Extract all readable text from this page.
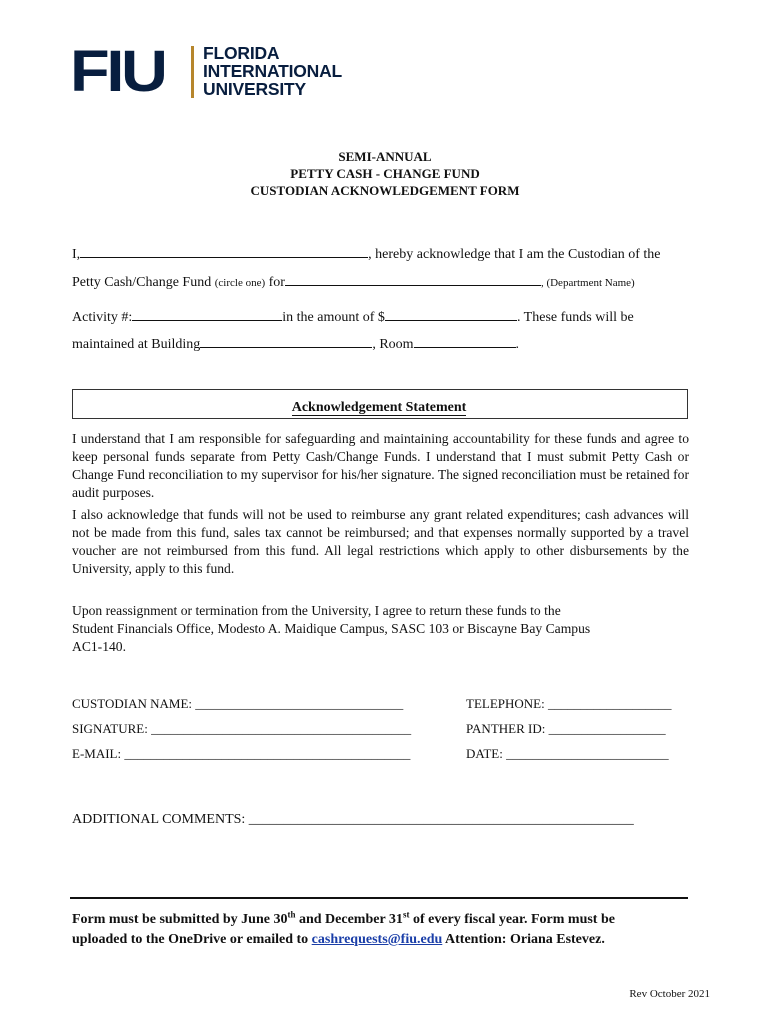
FIU FLORIDA
INTERNATIONAL
UNIVERSITY
SEMI-ANNUAL
PETTY CASH - CHANGE FUND
CUSTODIAN ACKNOWLEDGEMENT FORM
I,	, hereby acknowledge that I am the Custodian of the
Petty Cash/Change Fund (circle one) for	, (Department Name)
Activity #:	in the amount of $	. These funds will be
maintained at Building	, Room	.
Acknowledgement Statement

I understand that I am responsible for safeguarding and maintaining accountability for these funds and agree to keep personal funds separate from Petty Cash/Change Funds. I understand that I must submit Petty Cash or Change Fund reconciliation to my supervisor for his/her signature. The signed reconciliation must be retained for audit purposes.

I also acknowledge that funds will not be used to reimburse any grant related expenditures; cash advances will not be made from this fund, sales tax cannot be reimbursed; and that expenses normally supported by a travel voucher are not reimbursed from this fund. All legal restrictions which apply to other disbursements by the University, apply to this fund.

Upon reassignment or termination from the University, I agree to return these funds to the
Student Financials Office, Modesto A. Maidique Campus, SASC 103 or Biscayne Bay Campus
AC1-140.
CUSTODIAN NAME: ________________________________	TELEPHONE: ___________________
SIGNATURE: ________________________________________	PANTHER ID: __________________
E-MAIL: ____________________________________________	DATE: _________________________
ADDITIONAL COMMENTS: _______________________________________________________
Form must be submitted by June 30th and December 31st of every fiscal year. Form must be
uploaded to the OneDrive or emailed to cashrequests@fiu.edu Attention: Oriana Estevez.
Rev October 2021
